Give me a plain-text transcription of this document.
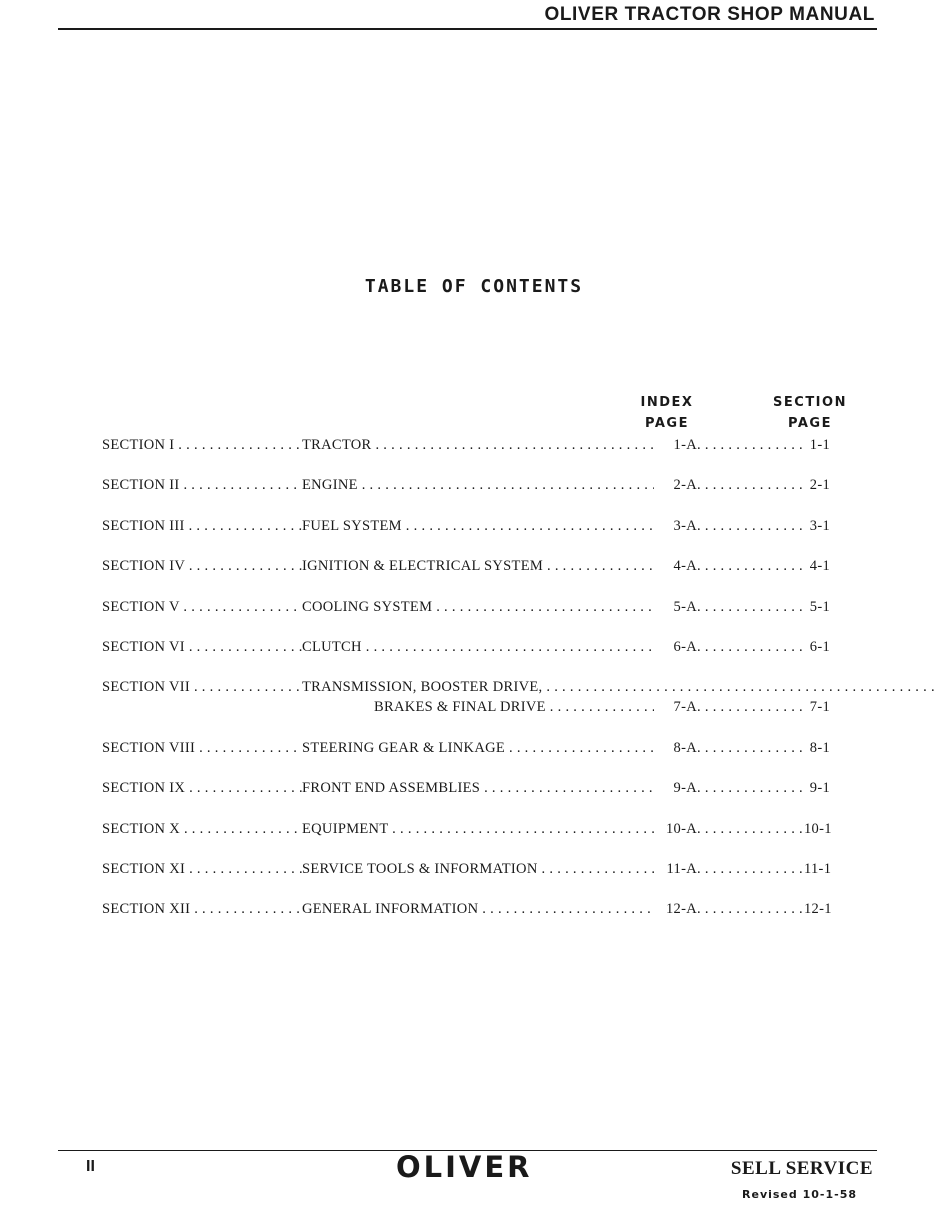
OLIVER TRACTOR SHOP MANUAL
TABLE OF CONTENTS
INDEX
PAGE
SECTION
PAGE
SECTION I . . .	TRACTOR . . .	1-A . . .	1-1
SECTION II . . .	ENGINE . . .	2-A . . .	2-1
SECTION III . . .	FUEL SYSTEM . . .	3-A . . .	3-1
SECTION IV . . .	IGNITION & ELECTRICAL SYSTEM . . .	4-A . . .	4-1
SECTION V . . .	COOLING SYSTEM . . .	5-A . . .	5-1
SECTION VI . . .	CLUTCH . . .	6-A . . .	6-1
SECTION VII . . .	TRANSMISSION, BOOSTER DRIVE, . . .
BRAKES & FINAL DRIVE . . .	7-A . . .	7-1
SECTION VIII . . .	STEERING GEAR & LINKAGE . . .	8-A . . .	8-1
SECTION IX . . .	FRONT END ASSEMBLIES . . .	9-A . . .	9-1
SECTION X . . .	EQUIPMENT . . .	10-A . . .	10-1
SECTION XI . . .	SERVICE TOOLS & INFORMATION . . .	11-A . . .	11-1
SECTION XII . . .	GENERAL INFORMATION . . .	12-A . . .	12-1
II	OLIVER	SELL SERVICE
Revised 10-1-58
